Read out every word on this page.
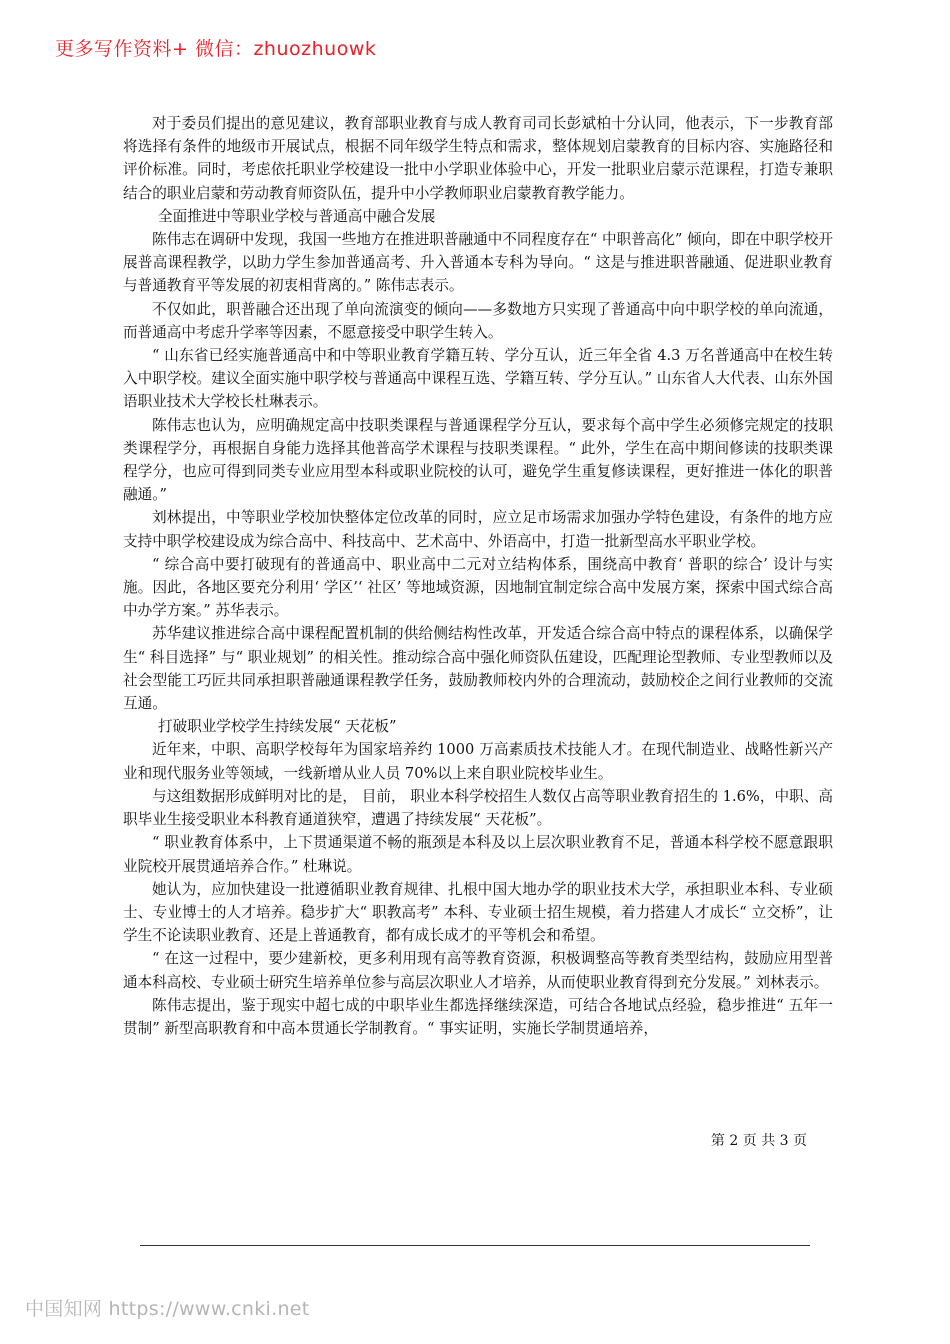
更多写作资料+ 微信：zhuozhuowk

对于委员们提出的意见建议，教育部职业教育与成人教育司司长彭斌柏十分认同，他表示，下一步教育部将选择有条件的地级市开展试点，根据不同年级学生特点和需求，整体规划启蒙教育的目标内容、实施路径和评价标准。同时，考虑依托职业学校建设一批中小学职业体验中心，开发一批职业启蒙示范课程，打造专兼职结合的职业启蒙和劳动教育师资队伍，提升中小学教师职业启蒙教育教学能力。

全面推进中等职业学校与普通高中融合发展

陈伟志在调研中发现，我国一些地方在推进职普融通中不同程度存在“ 中职普高化” 倾向，即在中职学校开展普高课程教学，以助力学生参加普通高考、升入普通本专科为导向。“ 这是与推进职普融通、促进职业教育与普通教育平等发展的初衷相背离的。” 陈伟志表示。

不仅如此，职普融合还出现了单向流演变的倾向——多数地方只实现了普通高中向中职学校的单向流通，而普通高中考虑升学率等因素，不愿意接受中职学生转入。

“ 山东省已经实施普通高中和中等职业教育学籍互转、学分互认，近三年全省 4.3 万名普通高中在校生转入中职学校。建议全面实施中职学校与普通高中课程互选、学籍互转、学分互认。” 山东省人大代表、山东外国语职业技术大学校长杜琳表示。

陈伟志也认为，应明确规定高中技职类课程与普通课程学分互认，要求每个高中学生必须修完规定的技职类课程学分，再根据自身能力选择其他普高学术课程与技职类课程。“ 此外，学生在高中期间修读的技职类课程学分，也应可得到同类专业应用型本科或职业院校的认可，避免学生重复修读课程，更好推进一体化的职普融通。”

刘林提出，中等职业学校加快整体定位改革的同时，应立足市场需求加强办学特色建设，有条件的地方应支持中职学校建设成为综合高中、科技高中、艺术高中、外语高中，打造一批新型高水平职业学校。

“ 综合高中要打破现有的普通高中、职业高中二元对立结构体系，围绕高中教育‘ 普职的综合’ 设计与实施。因此，各地区要充分利用‘ 学区’‘ 社区’ 等地域资源，因地制宜制定综合高中发展方案，探索中国式综合高中办学方案。” 苏华表示。

苏华建议推进综合高中课程配置机制的供给侧结构性改革，开发适合综合高中特点的课程体系，以确保学生“ 科目选择” 与“ 职业规划” 的相关性。推动综合高中强化师资队伍建设，匹配理论型教师、专业型教师以及社会型能工巧匠共同承担职普融通课程教学任务，鼓励教师校内外的合理流动，鼓励校企之间行业教师的交流互通。

打破职业学校学生持续发展“ 天花板”

近年来，中职、高职学校每年为国家培养约 1000 万高素质技术技能人才。在现代制造业、战略性新兴产业和现代服务业等领域，一线新增从业人员 70%以上来自职业院校毕业生。

与这组数据形成鲜明对比的是， 目前， 职业本科学校招生人数仅占高等职业教育招生的 1.6%，中职、高职毕业生接受职业本科教育通道狭窄，遭遇了持续发展“ 天花板”。

“ 职业教育体系中，上下贯通渠道不畅的瓶颈是本科及以上层次职业教育不足，普通本科学校不愿意跟职业院校开展贯通培养合作。” 杜琳说。

她认为，应加快建设一批遵循职业教育规律、扎根中国大地办学的职业技术大学，承担职业本科、专业硕士、专业博士的人才培养。稳步扩大“ 职教高考” 本科、专业硕士招生规模，着力搭建人才成长“ 立交桥”，让学生不论读职业教育、还是上普通教育，都有成长成才的平等机会和希望。

“ 在这一过程中，要少建新校，更多利用现有高等教育资源，积极调整高等教育类型结构，鼓励应用型普通本科高校、专业硕士研究生培养单位参与高层次职业人才培养，从而使职业教育得到充分发展。” 刘林表示。

陈伟志提出，鉴于现实中超七成的中职毕业生都选择继续深造，可结合各地试点经验，稳步推进“ 五年一贯制” 新型高职教育和中高本贯通长学制教育。“ 事实证明，实施长学制贯通培养，

第 2 页 共 3 页
中国知网 https://www.cnki.net
